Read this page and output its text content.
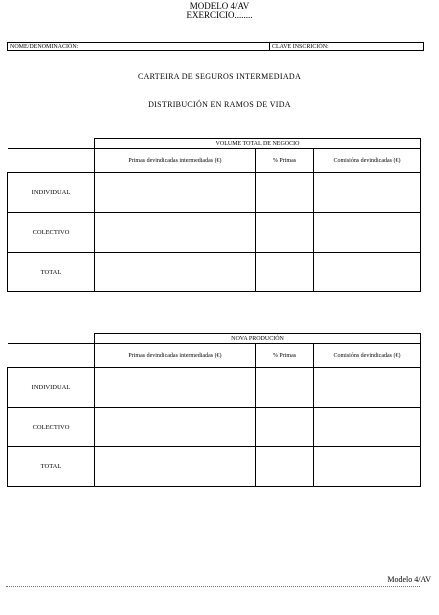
MODELO 4/AV
EXERCICIO........
NOME/DENOMINACIÓN:	CLAVE INSCRICIÓN:
CARTEIRA DE SEGUROS INTERMEDIADA
DISTRIBUCIÓN EN RAMOS DE VIDA
	VOLUME TOTAL DE NEGOCIO		
	Primas devindicadas intermediadas (€)	% Primas	Comisións devindicadas (€)
INDIVIDUAL			
COLECTIVO			
TOTAL			
	NOVA PRODUCIÓN		
	Primas devindicadas intermediadas (€)	% Primas	Comisións devindicadas (€)
INDIVIDUAL			
COLECTIVO			
TOTAL			
Modelo 4/AV
